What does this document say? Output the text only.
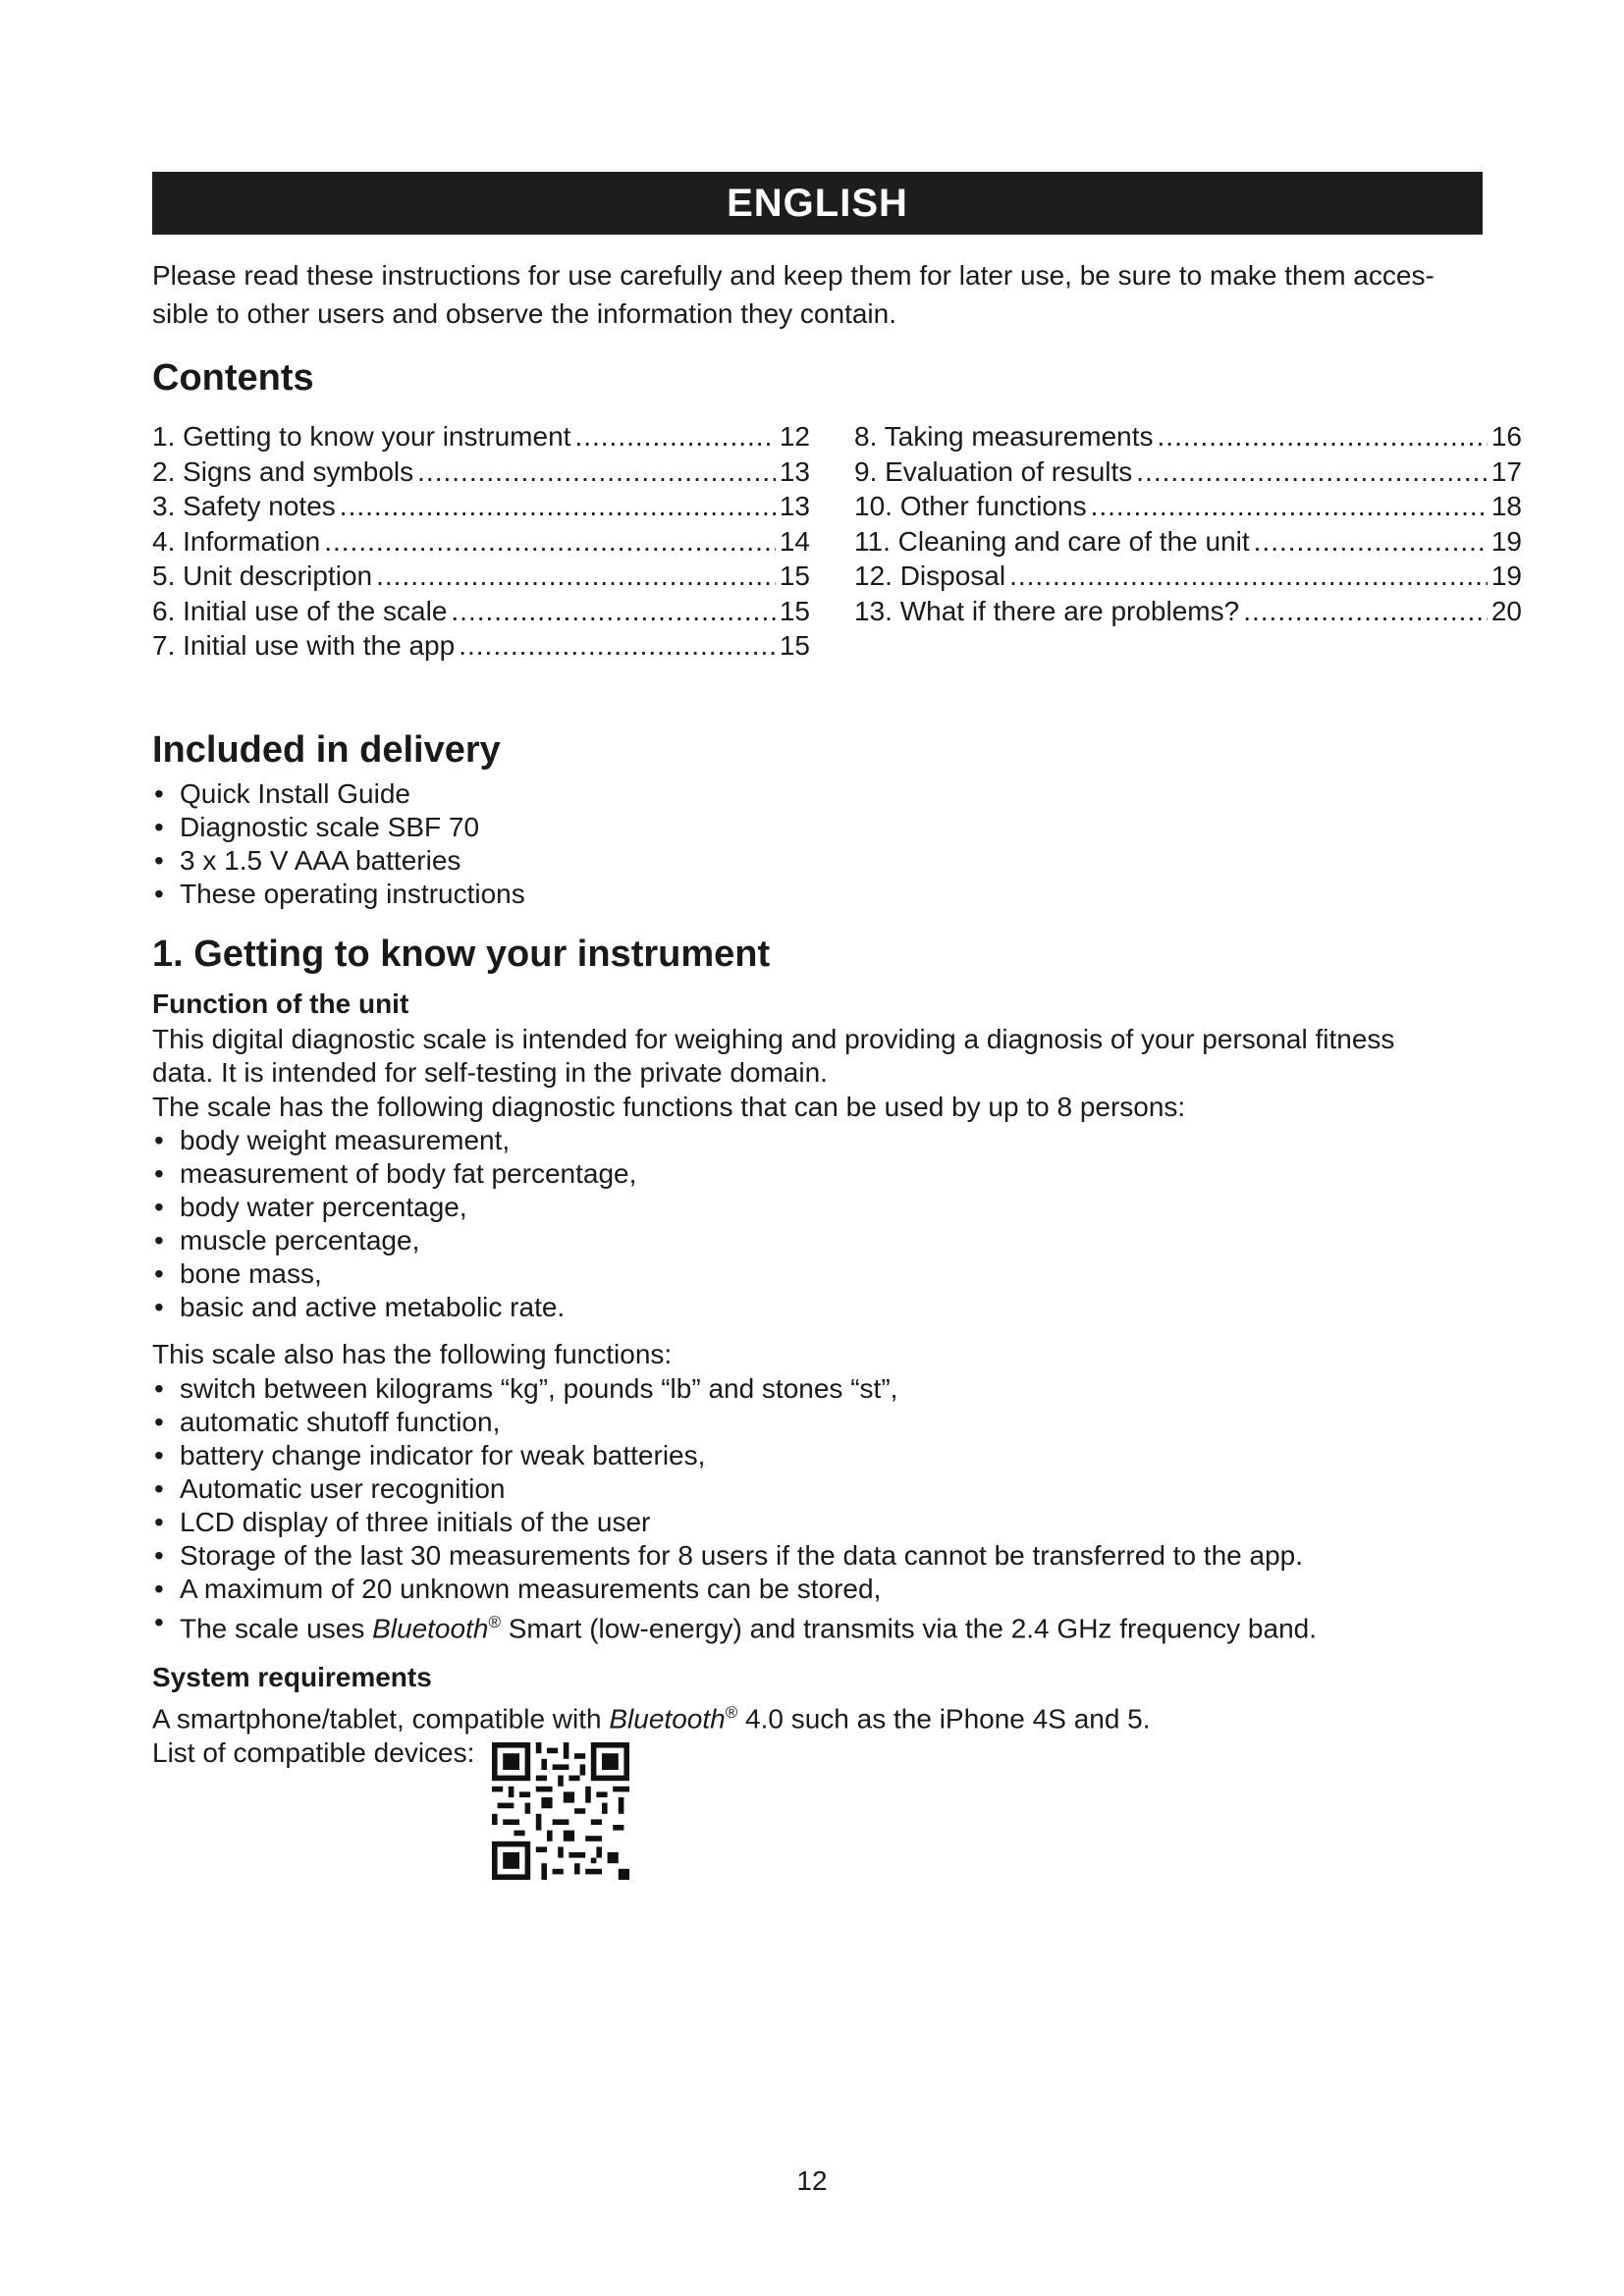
ENGLISH

Please read these instructions for use carefully and keep them for later use, be sure to make them acces-sible to other users and observe the information they contain.

Contents
1. Getting to know your instrument .....	12
2. Signs and symbols .....	13
3. Safety notes .....	13
4. Information .....	14
5. Unit description .....	15
6. Initial use of the scale .....	15
7. Initial use with the app .....	15
8. Taking measurements .....	16
9. Evaluation of results .....	17
10. Other functions .....	18
11. Cleaning and care of the unit .....	19
12. Disposal .....	19
13. What if there are problems? .....	20
Included in delivery
• Quick Install Guide
• Diagnostic scale SBF 70
• 3 x 1.5 V AAA batteries
• These operating instructions
1. Getting to know your instrument
Function of the unit

This digital diagnostic scale is intended for weighing and providing a diagnosis of your personal fitness

data. It is intended for self-testing in the private domain.

The scale has the following diagnostic functions that can be used by up to 8 persons:

• body weight measurement,
• measurement of body fat percentage,
• body water percentage,
• muscle percentage,
• bone mass,
• basic and active metabolic rate.

This scale also has the following functions:

• switch between kilograms “kg”, pounds “lb” and stones “st”,
• automatic shutoff function,
• battery change indicator for weak batteries,
• Automatic user recognition
• LCD display of three initials of the user
• Storage of the last 30 measurements for 8 users if the data cannot be transferred to the app.
• A maximum of 20 unknown measurements can be stored,
• The scale uses Bluetooth® Smart (low-energy) and transmits via the 2.4 GHz frequency band.
System requirements

A smartphone/tablet, compatible with Bluetooth® 4.0 such as the iPhone 4S and 5.

List of compatible devices:

12
